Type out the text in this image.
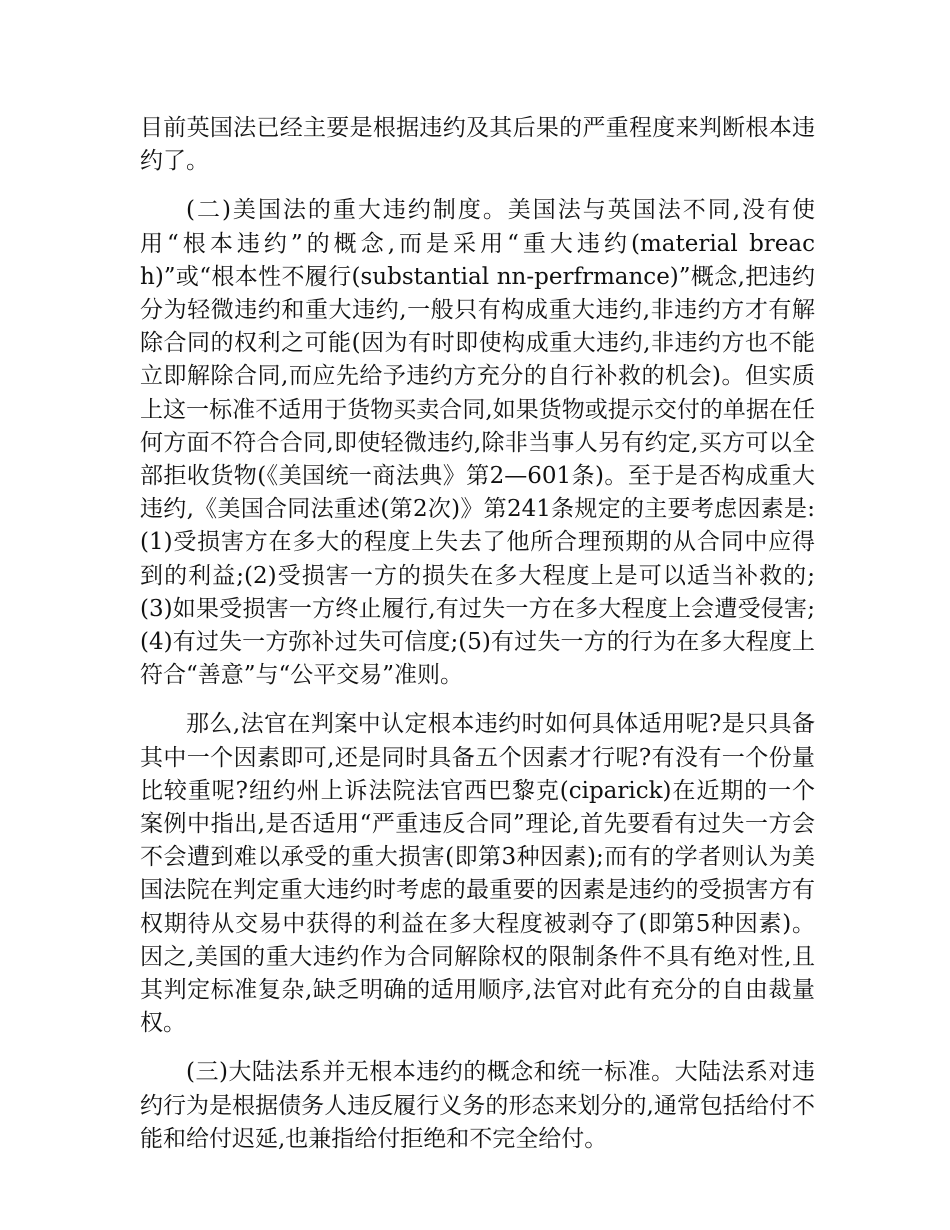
目前英国法已经主要是根据违约及其后果的严重程度来判断根本违约了。

(二)美国法的重大违约制度。美国法与英国法不同,没有使用“根本违约”的概念,而是采用“重大违约(material breach)”或“根本性不履行(substantial nn-perfrmance)”概念,把违约分为轻微违约和重大违约,一般只有构成重大违约,非违约方才有解除合同的权利之可能(因为有时即使构成重大违约,非违约方也不能立即解除合同,而应先给予违约方充分的自行补救的机会)。但实质上这一标准不适用于货物买卖合同,如果货物或提示交付的单据在任何方面不符合合同,即使轻微违约,除非当事人另有约定,买方可以全部拒收货物(《美国统一商法典》第2—601条)。至于是否构成重大违约,《美国合同法重述(第2次)》第241条规定的主要考虑因素是:(1)受损害方在多大的程度上失去了他所合理预期的从合同中应得到的利益;(2)受损害一方的损失在多大程度上是可以适当补救的;(3)如果受损害一方终止履行,有过失一方在多大程度上会遭受侵害;(4)有过失一方弥补过失可信度;(5)有过失一方的行为在多大程度上符合“善意”与“公平交易”准则。

那么,法官在判案中认定根本违约时如何具体适用呢?是只具备其中一个因素即可,还是同时具备五个因素才行呢?有没有一个份量比较重呢?纽约州上诉法院法官西巴黎克(ciparick)在近期的一个案例中指出,是否适用“严重违反合同”理论,首先要看有过失一方会不会遭到难以承受的重大损害(即第3种因素);而有的学者则认为美国法院在判定重大违约时考虑的最重要的因素是违约的受损害方有权期待从交易中获得的利益在多大程度被剥夺了(即第5种因素)。因之,美国的重大违约作为合同解除权的限制条件不具有绝对性,且其判定标准复杂,缺乏明确的适用顺序,法官对此有充分的自由裁量权。

(三)大陆法系并无根本违约的概念和统一标准。大陆法系对违约行为是根据债务人违反履行义务的形态来划分的,通常包括给付不能和给付迟延,也兼指给付拒绝和不完全给付。
